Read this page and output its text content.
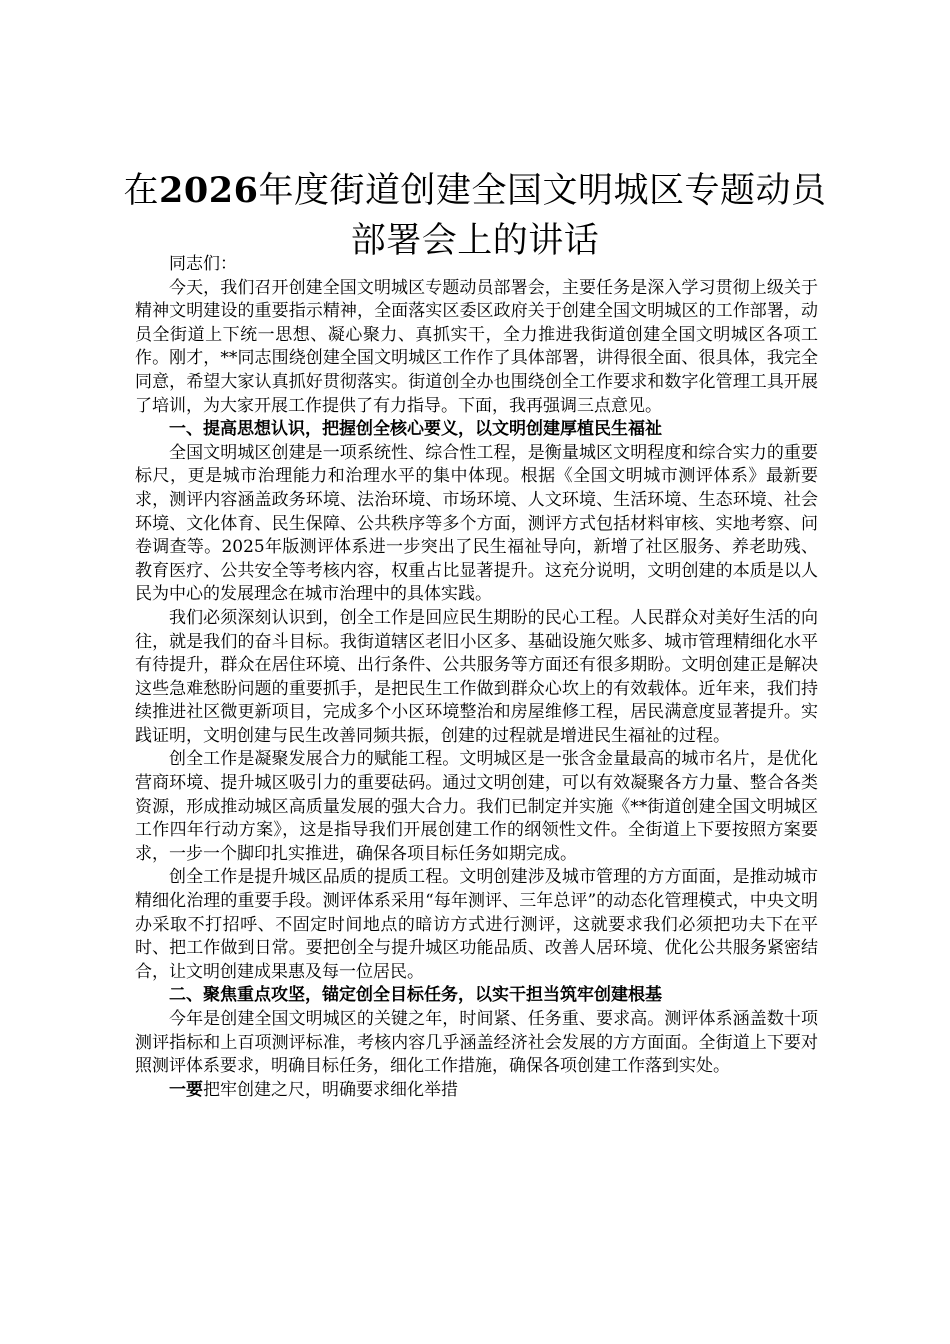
在2026年度街道创建全国文明城区专题动员
部署会上的讲话

同志们：

今天，我们召开创建全国文明城区专题动员部署会，主要任务是深入学习贯彻上级关于精神文明建设的重要指示精神，全面落实区委区政府关于创建全国文明城区的工作部署，动员全街道上下统一思想、凝心聚力、真抓实干，全力推进我街道创建全国文明城区各项工作。刚才，**同志围绕创建全国文明城区工作作了具体部署，讲得很全面、很具体，我完全同意，希望大家认真抓好贯彻落实。街道创全办也围绕创全工作要求和数字化管理工具开展了培训，为大家开展工作提供了有力指导。下面，我再强调三点意见。

一、提高思想认识，把握创全核心要义，以文明创建厚植民生福祉

全国文明城区创建是一项系统性、综合性工程，是衡量城区文明程度和综合实力的重要标尺，更是城市治理能力和治理水平的集中体现。根据《全国文明城市测评体系》最新要求，测评内容涵盖政务环境、法治环境、市场环境、人文环境、生活环境、生态环境、社会环境、文化体育、民生保障、公共秩序等多个方面，测评方式包括材料审核、实地考察、问卷调查等。2025年版测评体系进一步突出了民生福祉导向，新增了社区服务、养老助残、教育医疗、公共安全等考核内容，权重占比显著提升。这充分说明，文明创建的本质是以人民为中心的发展理念在城市治理中的具体实践。

我们必须深刻认识到，创全工作是回应民生期盼的民心工程。人民群众对美好生活的向往，就是我们的奋斗目标。我街道辖区老旧小区多、基础设施欠账多、城市管理精细化水平有待提升，群众在居住环境、出行条件、公共服务等方面还有很多期盼。文明创建正是解决这些急难愁盼问题的重要抓手，是把民生工作做到群众心坎上的有效载体。近年来，我们持续推进社区微更新项目，完成多个小区环境整治和房屋维修工程，居民满意度显著提升。实践证明，文明创建与民生改善同频共振，创建的过程就是增进民生福祉的过程。

创全工作是凝聚发展合力的赋能工程。文明城区是一张含金量最高的城市名片，是优化营商环境、提升城区吸引力的重要砝码。通过文明创建，可以有效凝聚各方力量、整合各类资源，形成推动城区高质量发展的强大合力。我们已制定并实施《**街道创建全国文明城区工作四年行动方案》，这是指导我们开展创建工作的纲领性文件。全街道上下要按照方案要求，一步一个脚印扎实推进，确保各项目标任务如期完成。

创全工作是提升城区品质的提质工程。文明创建涉及城市管理的方方面面，是推动城市精细化治理的重要手段。测评体系采用“每年测评、三年总评”的动态化管理模式，中央文明办采取不打招呼、不固定时间地点的暗访方式进行测评，这就要求我们必须把功夫下在平时、把工作做到日常。要把创全与提升城区功能品质、改善人居环境、优化公共服务紧密结合，让文明创建成果惠及每一位居民。

二、聚焦重点攻坚，锚定创全目标任务，以实干担当筑牢创建根基

今年是创建全国文明城区的关键之年，时间紧、任务重、要求高。测评体系涵盖数十项测评指标和上百项测评标准，考核内容几乎涵盖经济社会发展的方方面面。全街道上下要对照测评体系要求，明确目标任务，细化工作措施，确保各项创建工作落到实处。

一要把牢创建之尺，明确要求细化举措
